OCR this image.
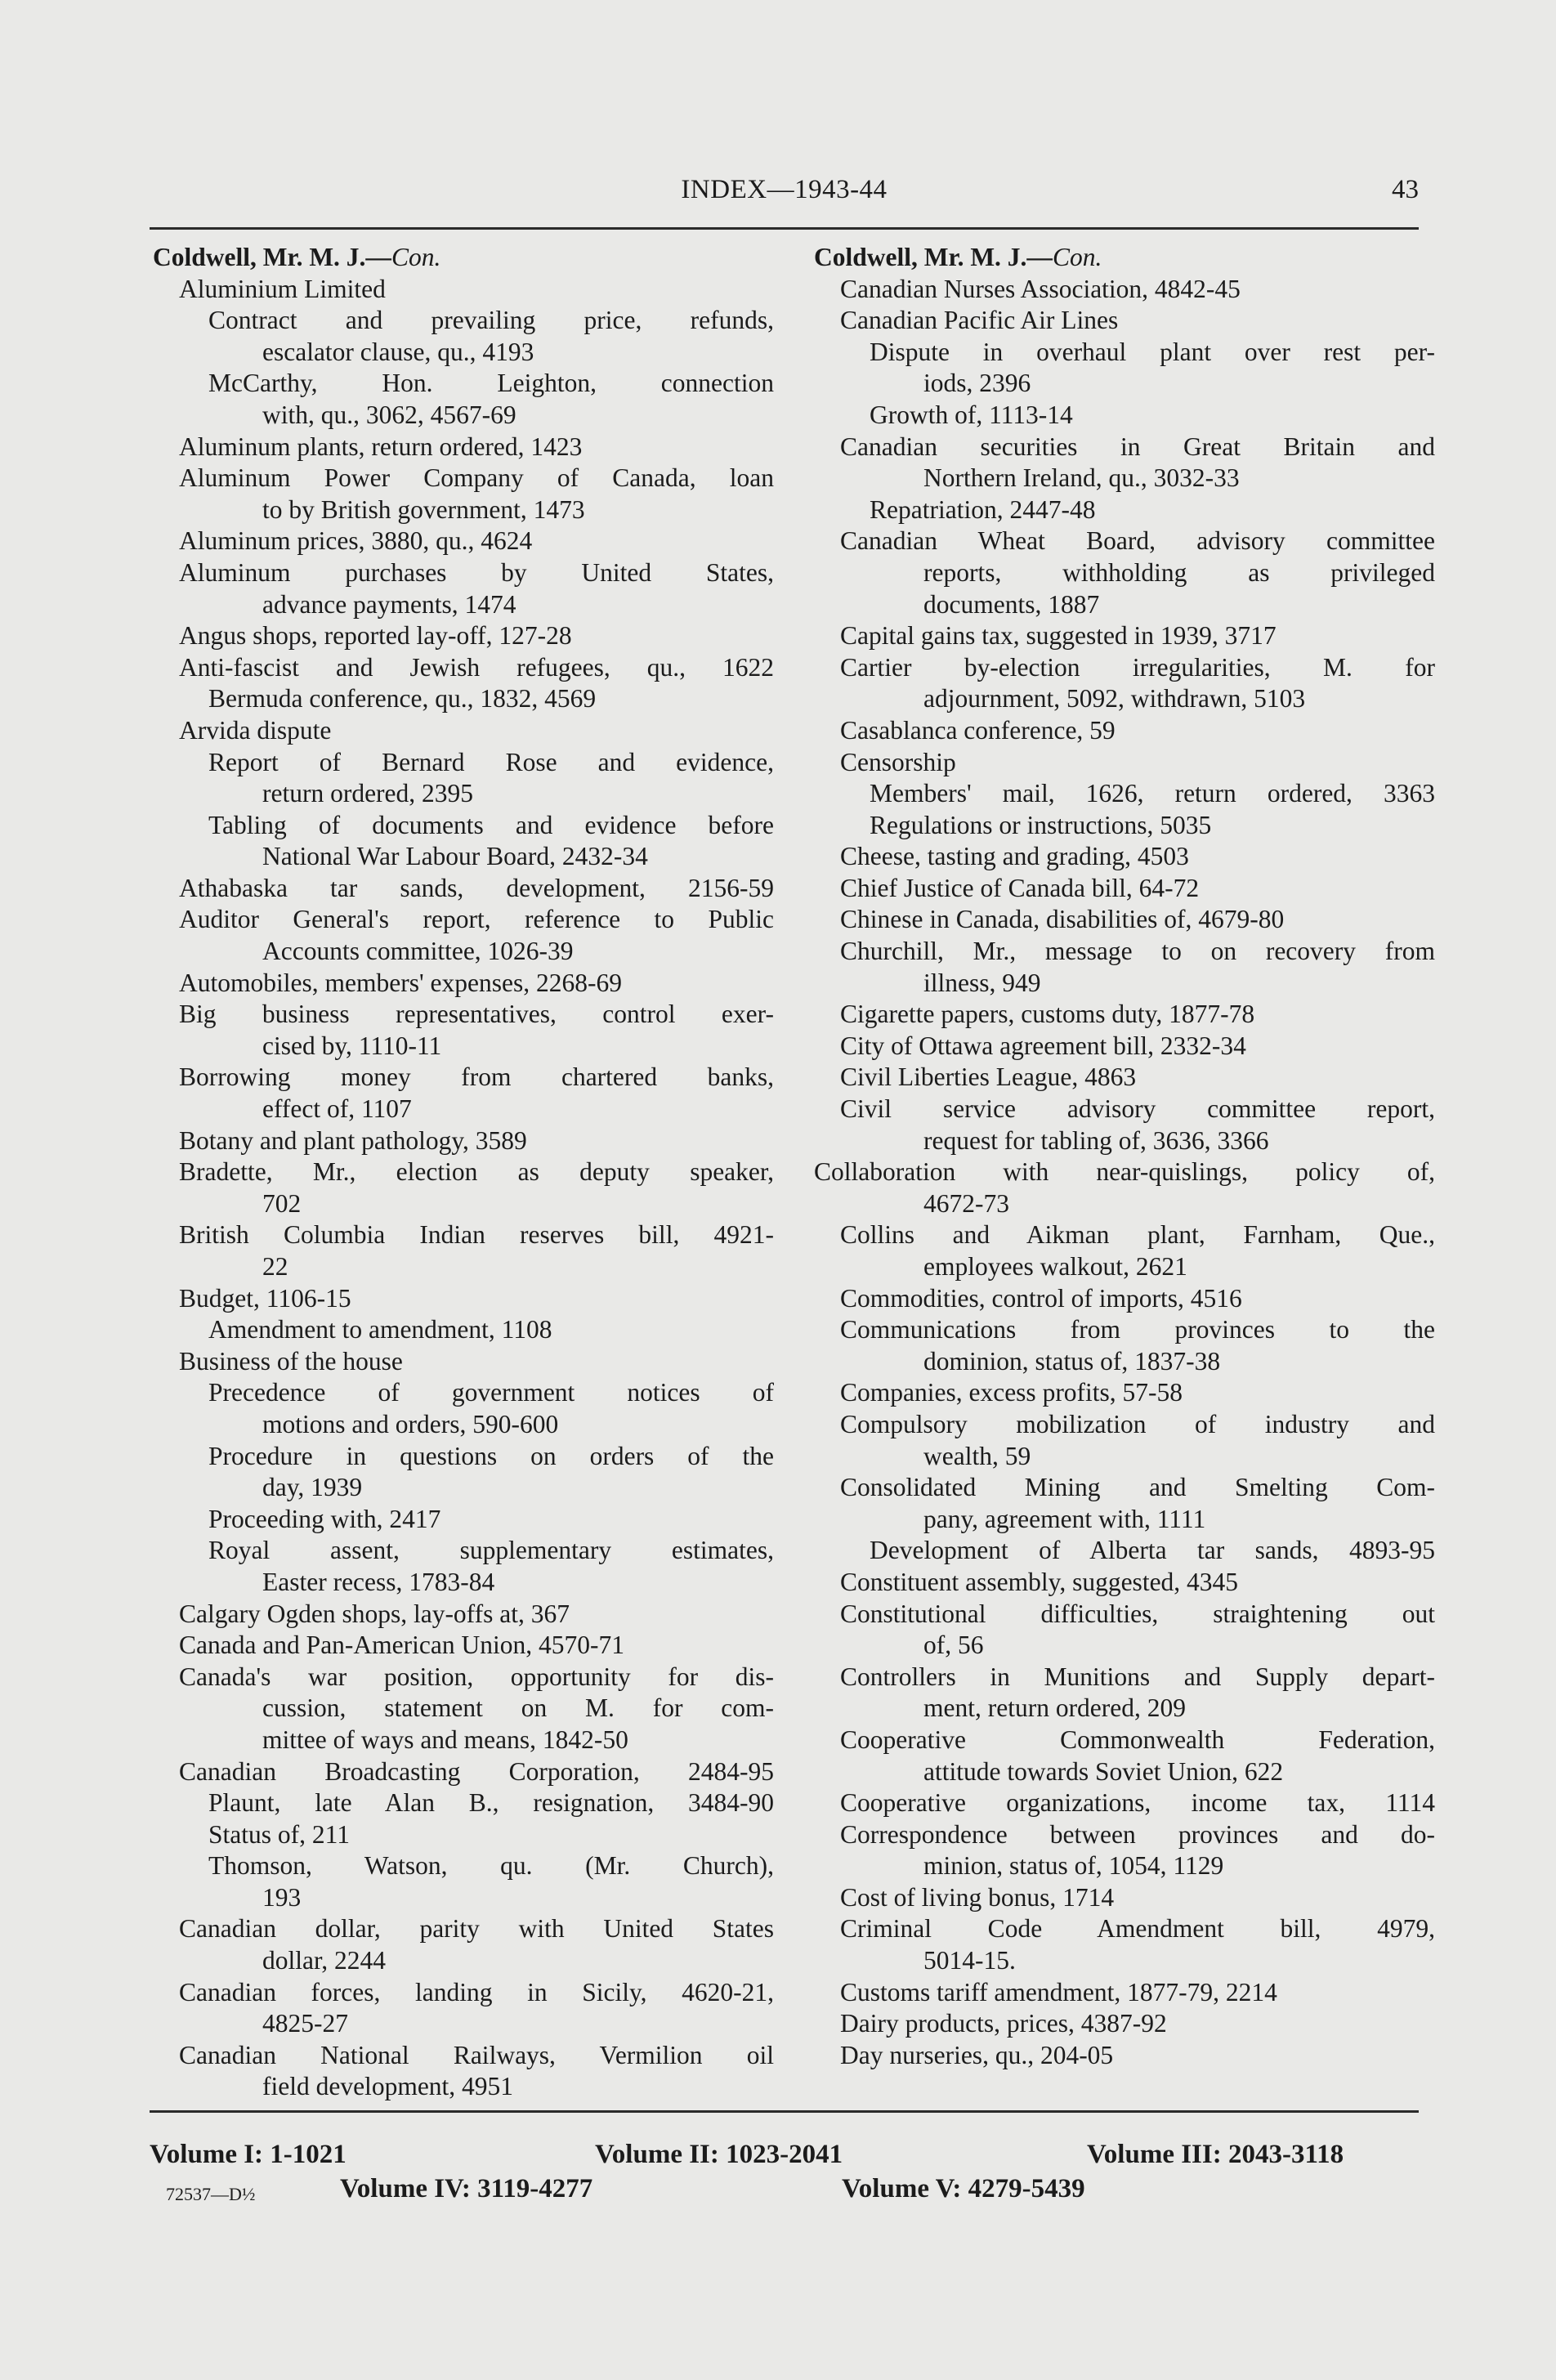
INDEX—1943-44	43
Coldwell, Mr. M. J.—Con.
Aluminium Limited
Contract and prevailing price, refunds,
escalator clause, qu., 4193
McCarthy, Hon. Leighton, connection
with, qu., 3062, 4567-69
Aluminum plants, return ordered, 1423
Aluminum Power Company of Canada, loan
to by British government, 1473
Aluminum prices, 3880, qu., 4624
Aluminum purchases by United States,
advance payments, 1474
Angus shops, reported lay-off, 127-28
Anti-fascist and Jewish refugees, qu., 1622
Bermuda conference, qu., 1832, 4569
Arvida dispute
Report of Bernard Rose and evidence,
return ordered, 2395
Tabling of documents and evidence before
National War Labour Board, 2432-34
Athabaska tar sands, development, 2156-59
Auditor General's report, reference to Public
Accounts committee, 1026-39
Automobiles, members' expenses, 2268-69
Big business representatives, control exer-
cised by, 1110-11
Borrowing money from chartered banks,
effect of, 1107
Botany and plant pathology, 3589
Bradette, Mr., election as deputy speaker,
702
British Columbia Indian reserves bill, 4921-
22
Budget, 1106-15
Amendment to amendment, 1108
Business of the house
Precedence of government notices of
motions and orders, 590-600
Procedure in questions on orders of the
day, 1939
Proceeding with, 2417
Royal assent, supplementary estimates,
Easter recess, 1783-84
Calgary Ogden shops, lay-offs at, 367
Canada and Pan-American Union, 4570-71
Canada's war position, opportunity for dis-
cussion, statement on M. for com-
mittee of ways and means, 1842-50
Canadian Broadcasting Corporation, 2484-95
Plaunt, late Alan B., resignation, 3484-90
Status of, 211
Thomson, Watson, qu. (Mr. Church),
193
Canadian dollar, parity with United States
dollar, 2244
Canadian forces, landing in Sicily, 4620-21,
4825-27
Canadian National Railways, Vermilion oil
field development, 4951
Coldwell, Mr. M. J.—Con.
Canadian Nurses Association, 4842-45
Canadian Pacific Air Lines
Dispute in overhaul plant over rest per-
iods, 2396
Growth of, 1113-14
Canadian securities in Great Britain and
Northern Ireland, qu., 3032-33
Repatriation, 2447-48
Canadian Wheat Board, advisory committee
reports, withholding as privileged
documents, 1887
Capital gains tax, suggested in 1939, 3717
Cartier by-election irregularities, M. for
adjournment, 5092, withdrawn, 5103
Casablanca conference, 59
Censorship
Members' mail, 1626, return ordered, 3363
Regulations or instructions, 5035
Cheese, tasting and grading, 4503
Chief Justice of Canada bill, 64-72
Chinese in Canada, disabilities of, 4679-80
Churchill, Mr., message to on recovery from
illness, 949
Cigarette papers, customs duty, 1877-78
City of Ottawa agreement bill, 2332-34
Civil Liberties League, 4863
Civil service advisory committee report,
request for tabling of, 3636, 3366
Collaboration with near-quislings, policy of,
4672-73
Collins and Aikman plant, Farnham, Que.,
employees walkout, 2621
Commodities, control of imports, 4516
Communications from provinces to the
dominion, status of, 1837-38
Companies, excess profits, 57-58
Compulsory mobilization of industry and
wealth, 59
Consolidated Mining and Smelting Com-
pany, agreement with, 1111
Development of Alberta tar sands, 4893-95
Constituent assembly, suggested, 4345
Constitutional difficulties, straightening out
of, 56
Controllers in Munitions and Supply depart-
ment, return ordered, 209
Cooperative Commonwealth Federation,
attitude towards Soviet Union, 622
Cooperative organizations, income tax, 1114
Correspondence between provinces and do-
minion, status of, 1054, 1129
Cost of living bonus, 1714
Criminal Code Amendment bill, 4979,
5014-15.
Customs tariff amendment, 1877-79, 2214
Dairy products, prices, 4387-92
Day nurseries, qu., 204-05
Volume I: 1-1021	Volume II: 1023-2041	Volume III: 2043-3118
72537—D½	Volume IV: 3119-4277	Volume V: 4279-5439
